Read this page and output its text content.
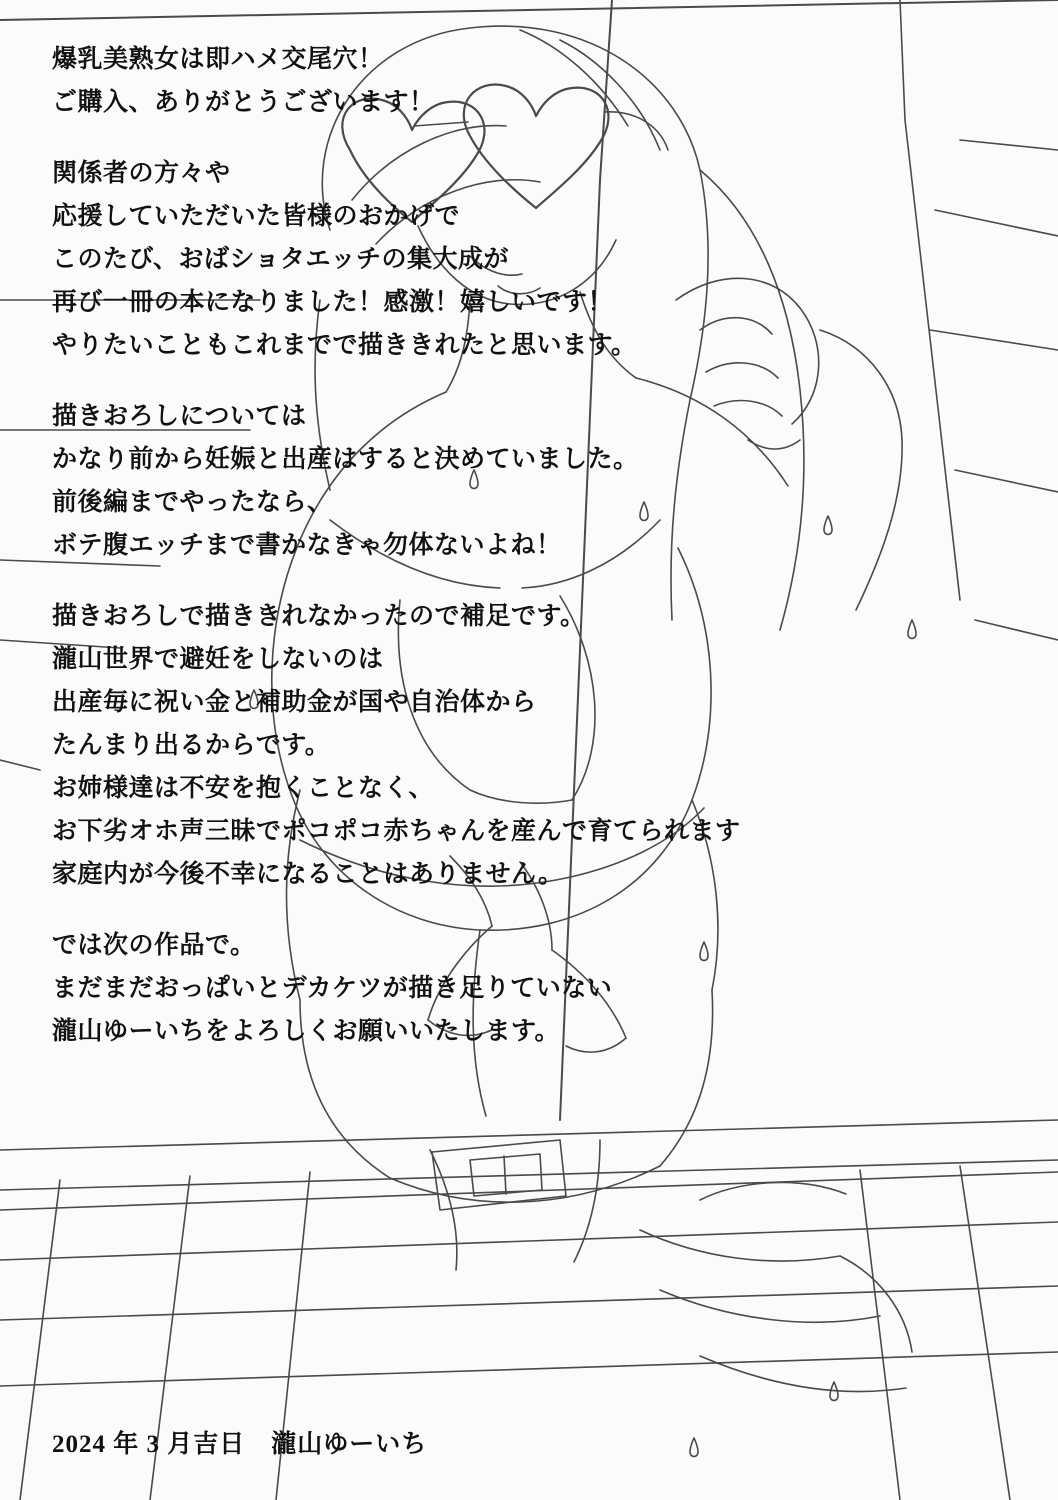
爆乳美熟女は即ハメ交尾穴！
ご購入、ありがとうございます！
関係者の方々や
応援していただいた皆様のおかげで
このたび、おばショタエッチの集大成が
再び一冊の本になりました！感激！嬉しいです！
やりたいこともこれまでで描ききれたと思います。
描きおろしについては
かなり前から妊娠と出産はすると決めていました。
前後編までやったなら、
ボテ腹エッチまで書かなきゃ勿体ないよね！
描きおろしで描ききれなかったので補足です。
瀧山世界で避妊をしないのは
出産毎に祝い金と補助金が国や自治体から
たんまり出るからです。
お姉様達は不安を抱くことなく、
お下劣オホ声三昧でポコポコ赤ちゃんを産んで育てられます
家庭内が今後不幸になることはありません。
では次の作品で。
まだまだおっぱいとデカケツが描き足りていない
瀧山ゆーいちをよろしくお願いいたします。
2024 年 3 月吉日　瀧山ゆーいち
